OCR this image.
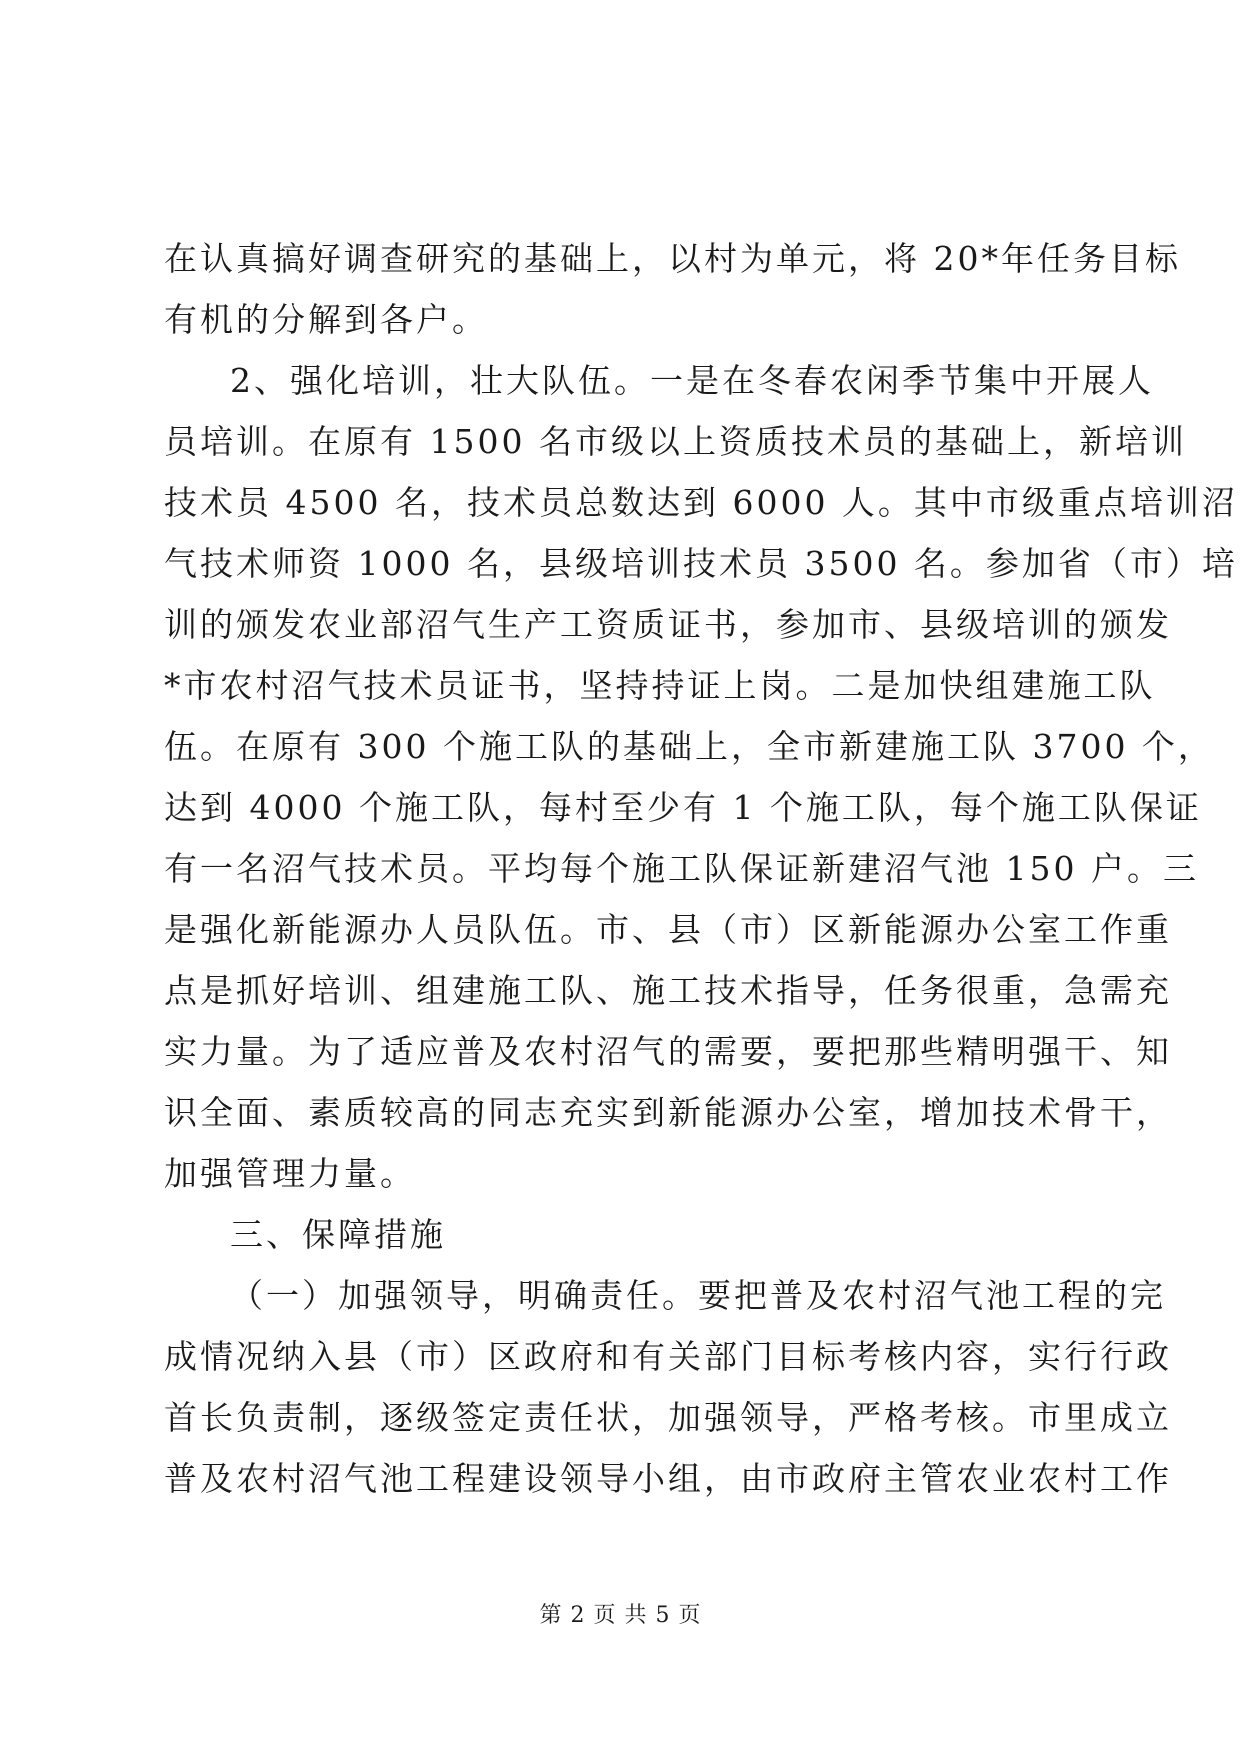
在认真搞好调查研究的基础上，以村为单元，将 20*年任务目标
有机的分解到各户。
2、强化培训，壮大队伍。一是在冬春农闲季节集中开展人
员培训。在原有 1500 名市级以上资质技术员的基础上，新培训
技术员 4500 名，技术员总数达到 6000 人。其中市级重点培训沼
气技术师资 1000 名，县级培训技术员 3500 名。参加省（市）培
训的颁发农业部沼气生产工资质证书，参加市、县级培训的颁发
*市农村沼气技术员证书，坚持持证上岗。二是加快组建施工队
伍。在原有 300 个施工队的基础上，全市新建施工队 3700 个，
达到 4000 个施工队，每村至少有 1 个施工队，每个施工队保证
有一名沼气技术员。平均每个施工队保证新建沼气池 150 户。三
是强化新能源办人员队伍。市、县（市）区新能源办公室工作重
点是抓好培训、组建施工队、施工技术指导，任务很重，急需充
实力量。为了适应普及农村沼气的需要，要把那些精明强干、知
识全面、素质较高的同志充实到新能源办公室，增加技术骨干，
加强管理力量。
三、保障措施
（一）加强领导，明确责任。要把普及农村沼气池工程的完
成情况纳入县（市）区政府和有关部门目标考核内容，实行行政
首长负责制，逐级签定责任状，加强领导，严格考核。市里成立
普及农村沼气池工程建设领导小组，由市政府主管农业农村工作
第 2 页 共 5 页
